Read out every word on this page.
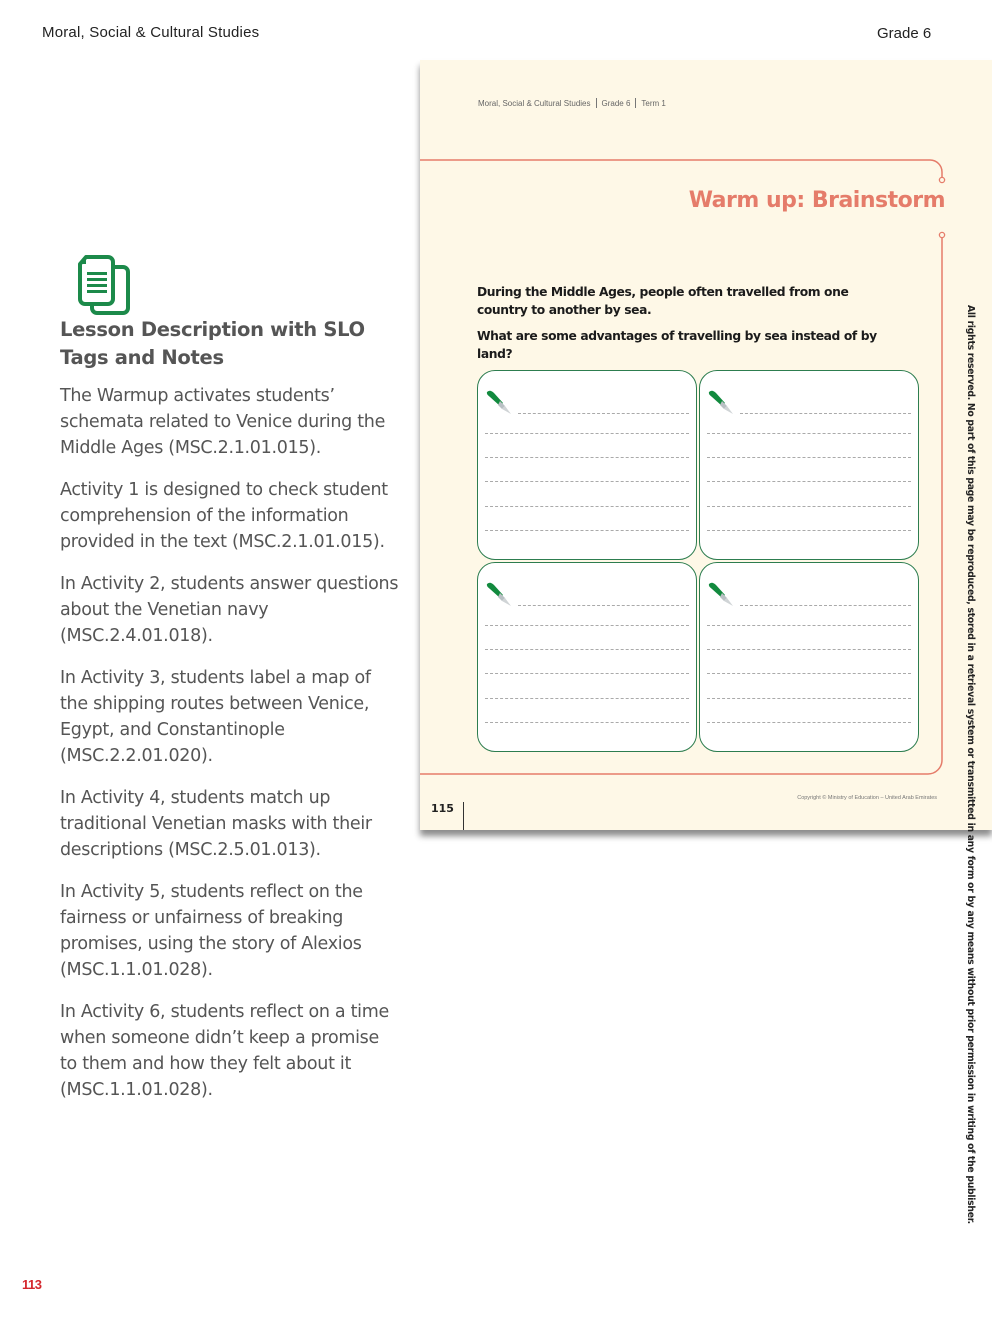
Moral, Social & Cultural Studies	Grade 6
Lesson Description with SLO Tags and Notes

The Warmup activates students’ schemata related to Venice during the Middle Ages (MSC.2.1.01.015).

Activity 1 is designed to check student comprehension of the information provided in the text (MSC.2.1.01.015).

In Activity 2, students answer questions about the Venetian navy (MSC.2.4.01.018).

In Activity 3, students label a map of the shipping routes between Venice, Egypt, and Constantinople (MSC.2.2.01.020).

In Activity 4, students match up traditional Venetian masks with their descriptions (MSC.2.5.01.013).

In Activity 5, students reflect on the fairness or unfairness of breaking promises, using the story of Alexios (MSC.1.1.01.028).

In Activity 6, students reflect on a time when someone didn’t keep a promise to them and how they felt about it (MSC.1.1.01.028).

113
Moral, Social & Cultural Studies Grade 6 Term 1
Warm up: Brainstorm

During the Middle Ages, people often travelled from one country to another by sea.

What are some advantages of travelling by sea instead of by land?

Copyright © Ministry of Education – United Arab Emirates
115	All rights reserved. No part of this page may be reproduced, stored in a retrieval system or transmitted in any form or by any means without prior permission in writing of the publisher.
